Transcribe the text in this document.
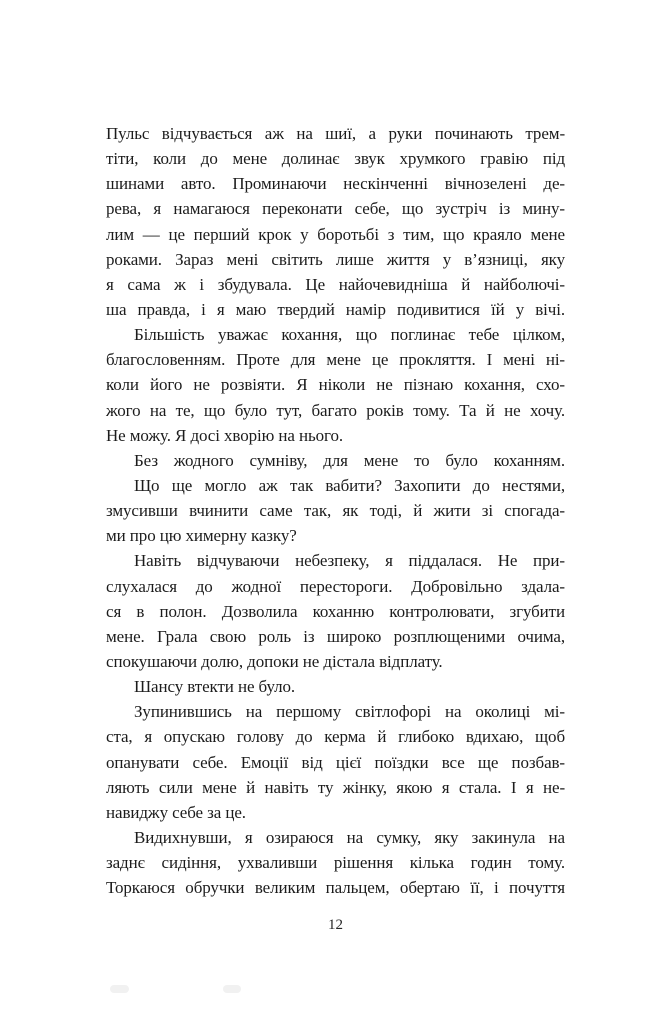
Пульс відчувається аж на шиї, а руки починають трем-
тіти, коли до мене долинає звук хрумкого гравію під
шинами авто. Проминаючи нескінченні вічнозелені де-
рева, я намагаюся переконати себе, що зустріч із мину-
лим — це перший крок у боротьбі з тим, що краяло мене
роками. Зараз мені світить лише життя у в’язниці, яку
я сама ж і збудувала. Це найочевидніша й найболючі-
ша правда, і я маю твердий намір подивитися їй у вічі.
Більшість уважає кохання, що поглинає тебе цілком,
благословенням. Проте для мене це прокляття. І мені ні-
коли його не розвіяти. Я ніколи не пізнаю кохання, схо-
жого на те, що було тут, багато років тому. Та й не хочу.
Не можу. Я досі хворію на нього.
Без жодного сумніву, для мене то було коханням.
Що ще могло аж так вабити? Захопити до нестями,
змусивши вчинити саме так, як тоді, й жити зі спогада-
ми про цю химерну казку?
Навіть відчуваючи небезпеку, я піддалася. Не при-
слухалася до жодної перестороги. Добровільно здала-
ся в полон. Дозволила коханню контролювати, згубити
мене. Грала свою роль із широко розплющеними очима,
спокушаючи долю, допоки не дістала відплату.
Шансу втекти не було.
Зупинившись на першому світлофорі на околиці мі-
ста, я опускаю голову до керма й глибоко вдихаю, щоб
опанувати себе. Емоції від цієї поїздки все ще позбав-
ляють сили мене й навіть ту жінку, якою я стала. І я не-
навиджу себе за це.
Видихнувши, я озираюся на сумку, яку закинула на
заднє сидіння, ухваливши рішення кілька годин тому.
Торкаюся обручки великим пальцем, обертаю її, і почуття
12
